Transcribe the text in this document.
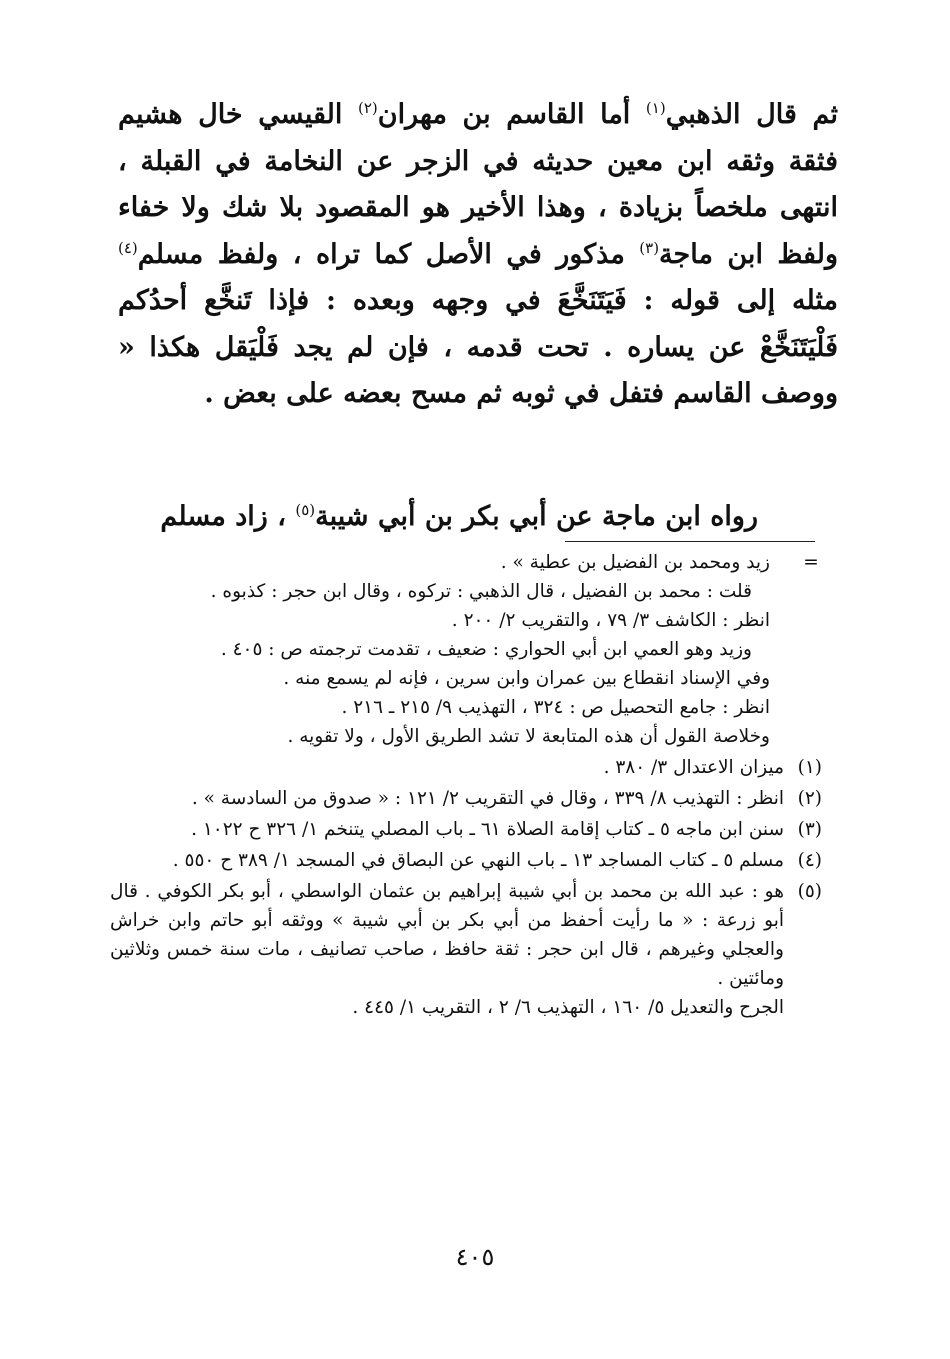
ثم قال الذهبي$^{(١)}$ أما القاسم بن مهران$^{(٢)}$ القيسي خال هشيم فثقة وثقه ابن معين حديثه في الزجر عن النخامة في القبلة ، انتهى ملخصاً بزيادة ، وهذا الأخير هو المقصود بلا شك ولا خفاء ولفظ ابن ماجة$^{(٣)}$ مذكور في الأصل كما تراه ، ولفظ مسلم$^{(٤)}$ مثله إلى قوله : فَيَتَنَخَّعَ في وجهه وبعده : فإذا تَنخَّع أحدُكم فَلْيَتَنَخَّعْ عن يساره . تحت قدمه ، فإن لم يجد فَلْيَقل هكذا « ووصف القاسم فتفل في ثوبه ثم مسح بعضه على بعض .

رواه ابن ماجة عن أبي بكر بن أبي شيبة$^{(٥)}$ ، زاد مسلم
=
زيد ومحمد بن الفضيل بن عطية » .
قلت : محمد بن الفضيل ، قال الذهبي : تركوه ، وقال ابن حجر : كذبوه .
انظر : الكاشف ٣/ ٧٩ ، والتقريب ٢/ ٢٠٠ .
وزيد وهو العمي ابن أبي الحواري : ضعيف ، تقدمت ترجمته ص : ٤٠٥ .
وفي الإسناد انقطاع بين عمران وابن سرين ، فإنه لم يسمع منه .
انظر : جامع التحصيل ص : ٣٢٤ ، التهذيب ٩/ ٢١٥ ـ ٢١٦ .
وخلاصة القول أن هذه المتابعة لا تشد الطريق الأول ، ولا تقويه .
(١)
ميزان الاعتدال ٣/ ٣٨٠ .
(٢)
انظر : التهذيب ٨/ ٣٣٩ ، وقال في التقريب ٢/ ١٢١ : « صدوق من السادسة » .
(٣)
سنن ابن ماجه ٥ ـ كتاب إقامة الصلاة ٦١ ـ باب المصلي يتنخم ١/ ٣٢٦ ح ١٠٢٢ .
(٤)
مسلم ٥ ـ كتاب المساجد ١٣ ـ باب النهي عن البصاق في المسجد ١/ ٣٨٩ ح ٥٥٠ .
(٥)
هو : عبد الله بن محمد بن أبي شيبة إبراهيم بن عثمان الواسطي ، أبو بكر الكوفي . قال أبو زرعة : « ما رأيت أحفظ من أبي بكر بن أبي شيبة » ووثقه أبو حاتم وابن خراش والعجلي وغيرهم ، قال ابن حجر : ثقة حافظ ، صاحب تصانيف ، مات سنة خمس وثلاثين ومائتين .
الجرح والتعديل ٥/ ١٦٠ ، التهذيب ٦/ ٢ ، التقريب ١/ ٤٤٥ .
٤٠٥
